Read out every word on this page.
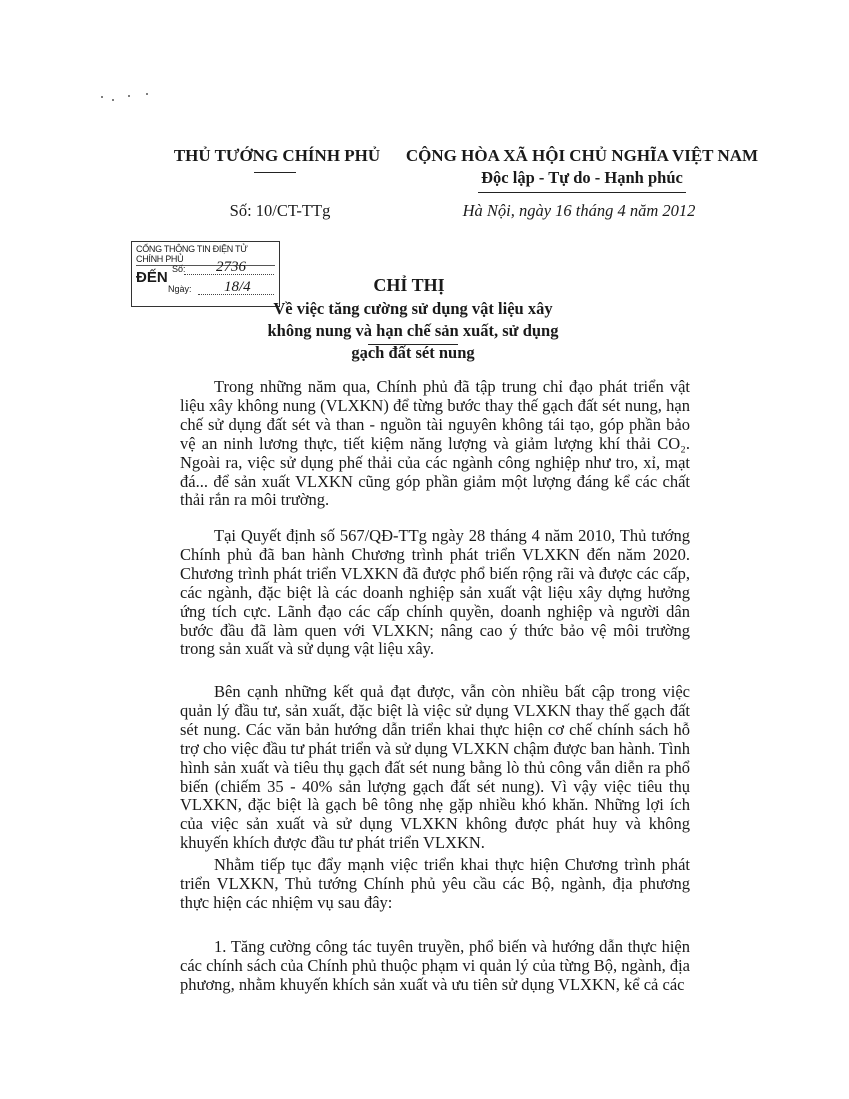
THỦ TƯỚNG CHÍNH PHỦ CỘNG HÒA XÃ HỘI CHỦ NGHĨA VIỆT NAM
Độc lập - Tự do - Hạnh phúc
Số: 10/CT-TTg	Hà Nội, ngày 16 tháng 4 năm 2012
CỔNG THÔNG TIN ĐIỆN TỬ CHÍNH PHỦ
ĐẾN Số: 2736
Ngày: 18/4	CHỈ THỊ
Về việc tăng cường sử dụng vật liệu xây không nung và hạn chế sản xuất, sử dụng gạch đất sét nung

Trong những năm qua, Chính phủ đã tập trung chỉ đạo phát triển vật liệu xây không nung (VLXKN) để từng bước thay thế gạch đất sét nung, hạn chế sử dụng đất sét và than - nguồn tài nguyên không tái tạo, góp phần bảo vệ an ninh lương thực, tiết kiệm năng lượng và giảm lượng khí thải CO₂. Ngoài ra, việc sử dụng phế thải của các ngành công nghiệp như tro, xỉ, mạt đá... để sản xuất VLXKN cũng góp phần giảm một lượng đáng kể các chất thải rắn ra môi trường.

Tại Quyết định số 567/QĐ-TTg ngày 28 tháng 4 năm 2010, Thủ tướng Chính phủ đã ban hành Chương trình phát triển VLXKN đến năm 2020. Chương trình phát triển VLXKN đã được phổ biến rộng rãi và được các cấp, các ngành, đặc biệt là các doanh nghiệp sản xuất vật liệu xây dựng hưởng ứng tích cực. Lãnh đạo các cấp chính quyền, doanh nghiệp và người dân bước đầu đã làm quen với VLXKN; nâng cao ý thức bảo vệ môi trường trong sản xuất và sử dụng vật liệu xây.

Bên cạnh những kết quả đạt được, vẫn còn nhiều bất cập trong việc quản lý đầu tư, sản xuất, đặc biệt là việc sử dụng VLXKN thay thế gạch đất sét nung. Các văn bản hướng dẫn triển khai thực hiện cơ chế chính sách hỗ trợ cho việc đầu tư phát triển và sử dụng VLXKN chậm được ban hành. Tình hình sản xuất và tiêu thụ gạch đất sét nung bằng lò thủ công vẫn diễn ra phổ biến (chiếm 35 - 40% sản lượng gạch đất sét nung). Vì vậy việc tiêu thụ VLXKN, đặc biệt là gạch bê tông nhẹ gặp nhiều khó khăn. Những lợi ích của việc sản xuất và sử dụng VLXKN không được phát huy và không khuyến khích được đầu tư phát triển VLXKN.

Nhằm tiếp tục đẩy mạnh việc triển khai thực hiện Chương trình phát triển VLXKN, Thủ tướng Chính phủ yêu cầu các Bộ, ngành, địa phương thực hiện các nhiệm vụ sau đây:

1. Tăng cường công tác tuyên truyền, phổ biến và hướng dẫn thực hiện các chính sách của Chính phủ thuộc phạm vi quản lý của từng Bộ, ngành, địa phương, nhằm khuyến khích sản xuất và ưu tiên sử dụng VLXKN, kể cả các
